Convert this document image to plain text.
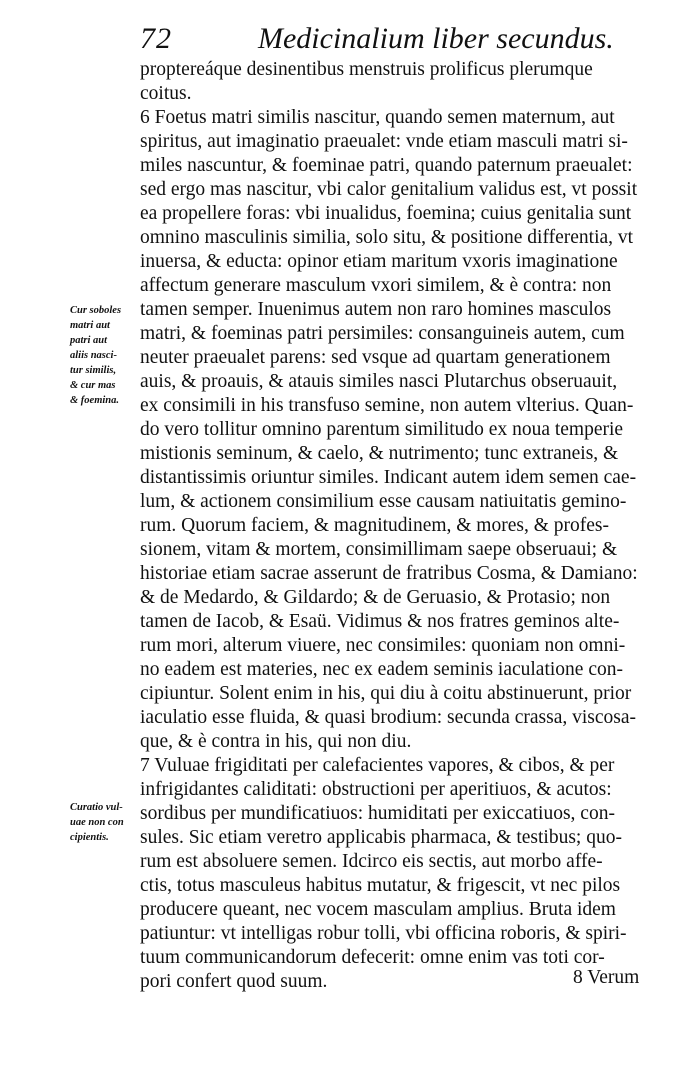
72	Medicinalium liber secundus.
proptereáque desinentibus menstruis prolificus plerumque
coitus.
6 Foetus matri similis nascitur, quando semen maternum, aut
spiritus, aut imaginatio praeualet: vnde etiam masculi matri si-
miles nascuntur, & foeminae patri, quando paternum praeualet:
sed ergo mas nascitur, vbi calor genitalium validus est, vt possit
ea propellere foras: vbi inualidus, foemina; cuius genitalia sunt
omnino masculinis similia, solo situ, & positione differentia, vt
inuersa, & educta: opinor etiam maritum vxoris imaginatione
affectum generare masculum vxori similem, & è contra: non
tamen semper. Inuenimus autem non raro homines masculos
matri, & foeminas patri persimiles: consanguineis autem, cum
neuter praeualet parens: sed vsque ad quartam generationem
auis, & proauis, & atauis similes nasci Plutarchus obseruauit,
ex consimili in his transfuso semine, non autem vlterius. Quan-
do vero tollitur omnino parentum similitudo ex noua temperie
mistionis seminum, & caelo, & nutrimento; tunc extraneis, &
distantissimis oriuntur similes. Indicant autem idem semen cae-
lum, & actionem consimilium esse causam natiuitatis gemino-
rum. Quorum faciem, & magnitudinem, & mores, & profes-
sionem, vitam & mortem, consimillimam saepe obseruaui; &
historiae etiam sacrae asserunt de fratribus Cosma, & Damiano:
& de Medardo, & Gildardo; & de Geruasio, & Protasio; non
tamen de Iacob, & Esaü. Vidimus & nos fratres geminos alte-
rum mori, alterum viuere, nec consimiles: quoniam non omni-
no eadem est materies, nec ex eadem seminis iaculatione con-
cipiuntur. Solent enim in his, qui diu à coitu abstinuerunt, prior
iaculatio esse fluida, & quasi brodium: secunda crassa, viscosa-
que, & è contra in his, qui non diu.
7 Vuluae frigiditati per calefacientes vapores, & cibos, & per
infrigidantes caliditati: obstructioni per aperitiuos, & acutos:
sordibus per mundificatiuos: humiditati per exiccatiuos, con-
sules. Sic etiam veretro applicabis pharmaca, & testibus; quo-
rum est absoluere semen. Idcirco eis sectis, aut morbo affe-
ctis, totus masculeus habitus mutatur, & frigescit, vt nec pilos
producere queant, nec vocem masculam amplius. Bruta idem
patiuntur: vt intelligas robur tolli, vbi officina roboris, & spiri-
tuum communicandorum defecerit: omne enim vas toti cor-
pori confert quod suum.
Cur soboles
matri aut
patri aut
aliis nasci-
tur similis,
& cur mas
& foemina.
Curatio vul-
uae non con
cipientis.
8 Verum
